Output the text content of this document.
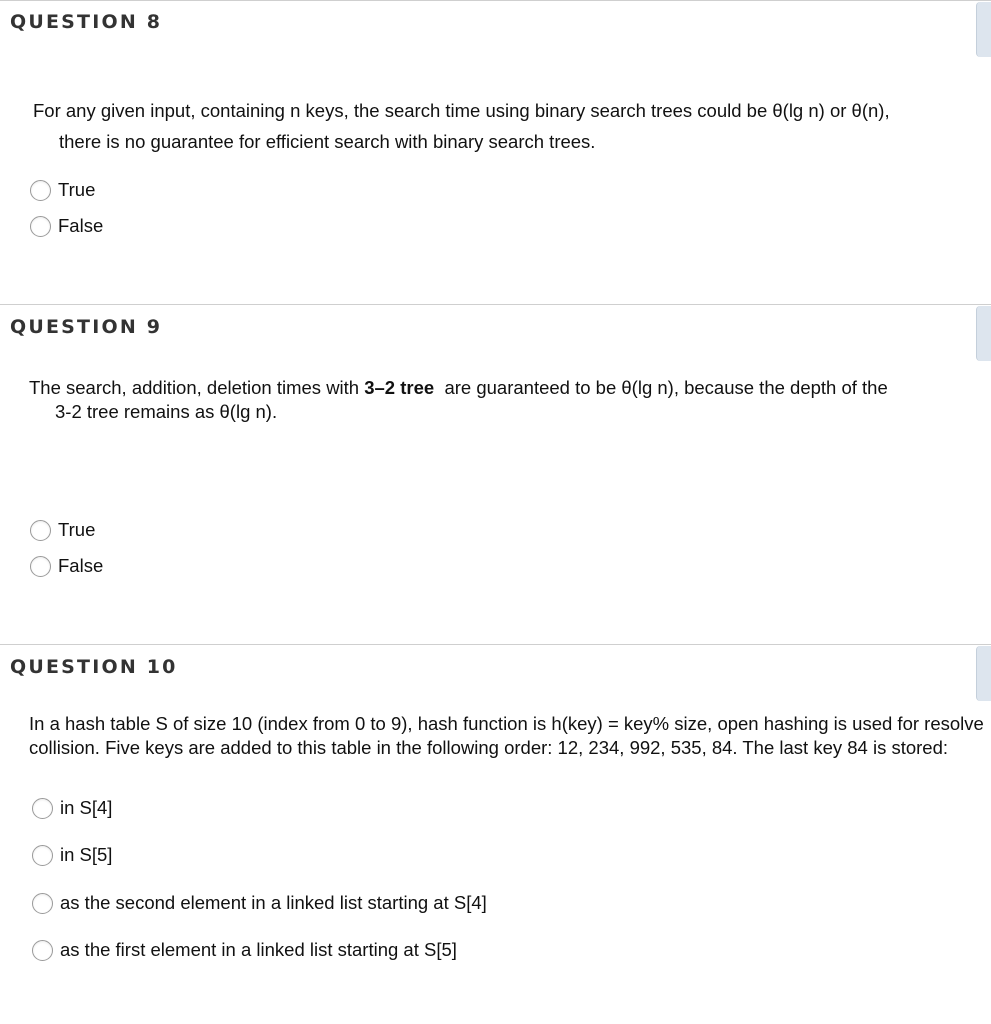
QUESTION 8

For any given input, containing n keys, the search time using binary search trees could be θ(lg n) or θ(n),

there is no guarantee for efficient search with binary search trees.

True
False
QUESTION 9

The search, addition, deletion times with 3–2 tree  are guaranteed to be θ(lg n), because the depth of the

3-2 tree remains as θ(lg n).

True
False
QUESTION 10

In a hash table S of size 10 (index from 0 to 9), hash function is h(key) = key% size, open hashing is used for resolve collision. Five keys are added to this table in the following order: 12, 234, 992, 535, 84. The last key 84 is stored:

in S[4]
in S[5]
as the second element in a linked list starting at S[4]
as the first element in a linked list starting at S[5]
